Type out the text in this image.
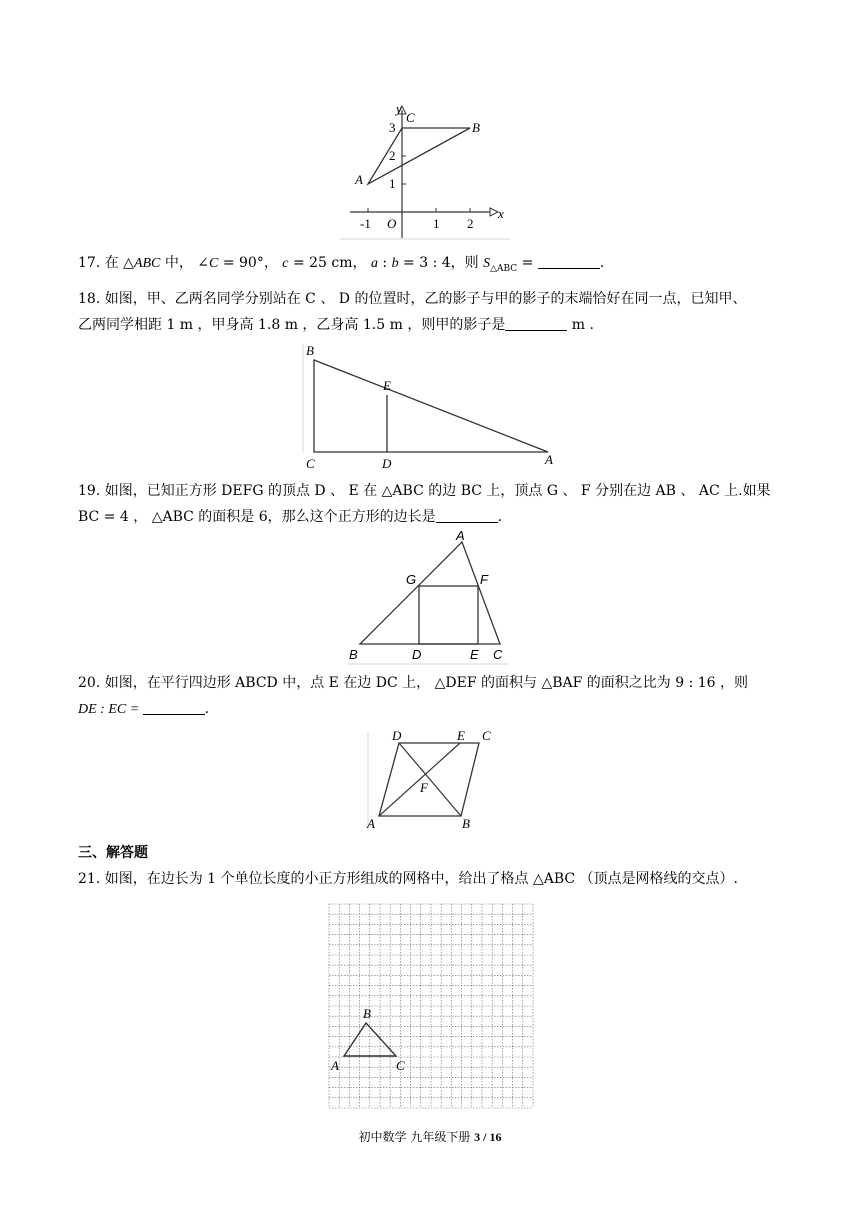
y
C
B
A
3
2
1
-1 O	1 2
x
17. 在 △ABC 中， ∠C = 90°， c = 25 cm， a : b = 3 : 4，则 $S_{\triangle ABC}$ =	.
18. 如图，甲、乙两名同学分别站在 C 、 D 的位置时，乙的影子与甲的影子的末端恰好在同一点，已知甲、
乙两同学相距 1 m ，甲身高 1.8 m ，乙身高 1.5 m ，则甲的影子是	m .
B
E
C	D	A
19. 如图，已知正方形 DEFG 的顶点 D 、 E 在 △ABC 的边 BC 上，顶点 G 、 F 分别在边 AB 、 AC 上.如果
BC = 4 ， △ABC 的面积是 6，那么这个正方形的边长是	.
A
G	F
B	D	E C
20. 如图，在平行四边形 ABCD 中，点 E 在边 DC 上， △DEF 的面积与 △BAF 的面积之比为 9 : 16 ，则
DE : EC =	.
D	E C
F
A	B
三、解答题
21. 如图，在边长为 1 个单位长度的小正方形组成的网格中，给出了格点 △ABC （顶点是网格线的交点）.
B
A	C
初中数学 九年级下册 3 / 16
